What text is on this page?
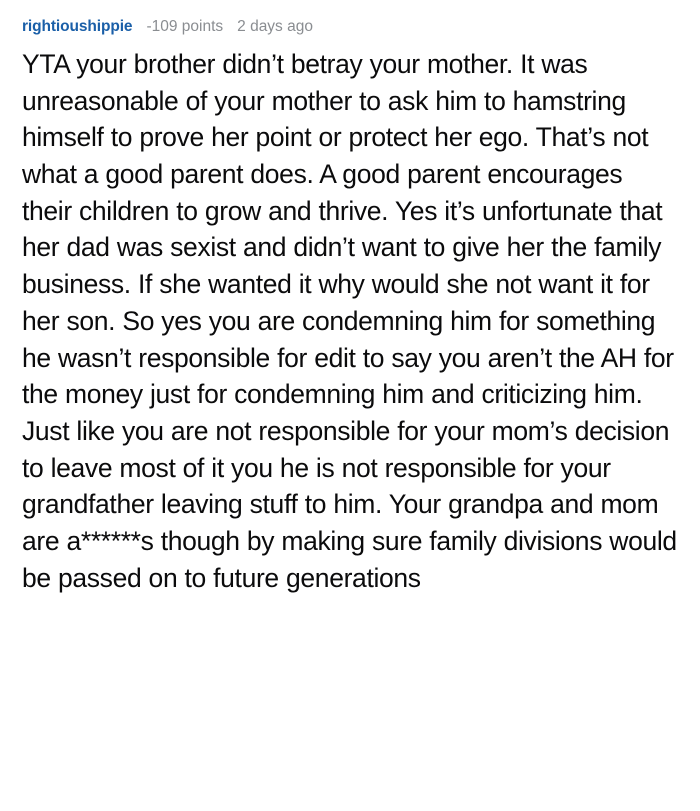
rightioushippie -109 points 2 days ago
YTA your brother didn’t betray your mother. It was unreasonable of your mother to ask him to hamstring himself to prove her point or protect her ego. That’s not what a good parent does. A good parent encourages their children to grow and thrive. Yes it’s unfortunate that her dad was sexist and didn’t want to give her the family business. If she wanted it why would she not want it for her son. So yes you are condemning him for something he wasn’t responsible for edit to say you aren’t the AH for the money just for condemning him and criticizing him. Just like you are not responsible for your mom’s decision to leave most of it you he is not responsible for your grandfather leaving stuff to him. Your grandpa and mom are a******s though by making sure family divisions would be passed on to future generations
